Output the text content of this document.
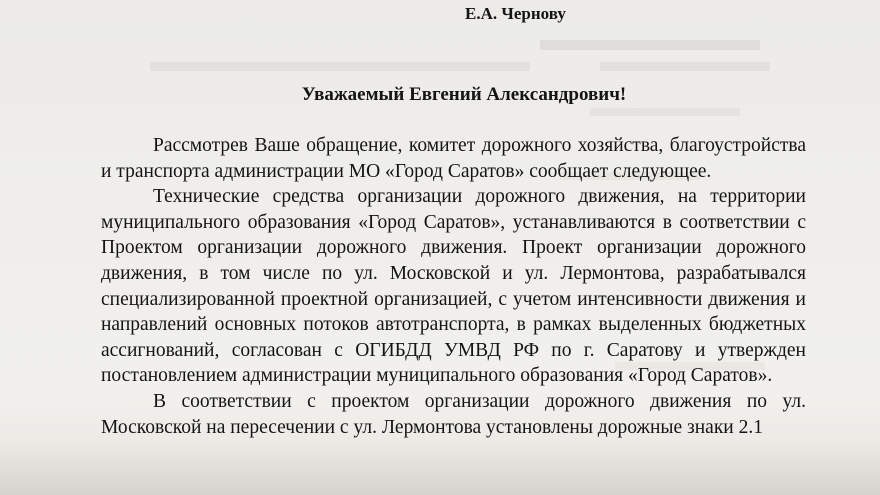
Е.А. Чернову
Уважаемый Евгений Александрович!

Рассмотрев Ваше обращение, комитет дорожного хозяйства, благоустройства и транспорта администрации МО «Город Саратов» сообщает следующее.

Технические средства организации дорожного движения, на территории муниципального образования «Город Саратов», устанавливаются в соответствии с Проектом организации дорожного движения. Проект организации дорожного движения, в том числе по ул. Московской и ул. Лермонтова, разрабатывался специализированной проектной организацией, с учетом интенсивности движения и направлений основных потоков автотранспорта, в рамках выделенных бюджетных ассигнований, согласован с ОГИБДД УМВД РФ по г. Саратову и утвержден постановлением администрации муниципального образования «Город Саратов».

В соответствии с проектом организации дорожного движения по ул. Московской на пересечении с ул. Лермонтова установлены дорожные знаки 2.1
